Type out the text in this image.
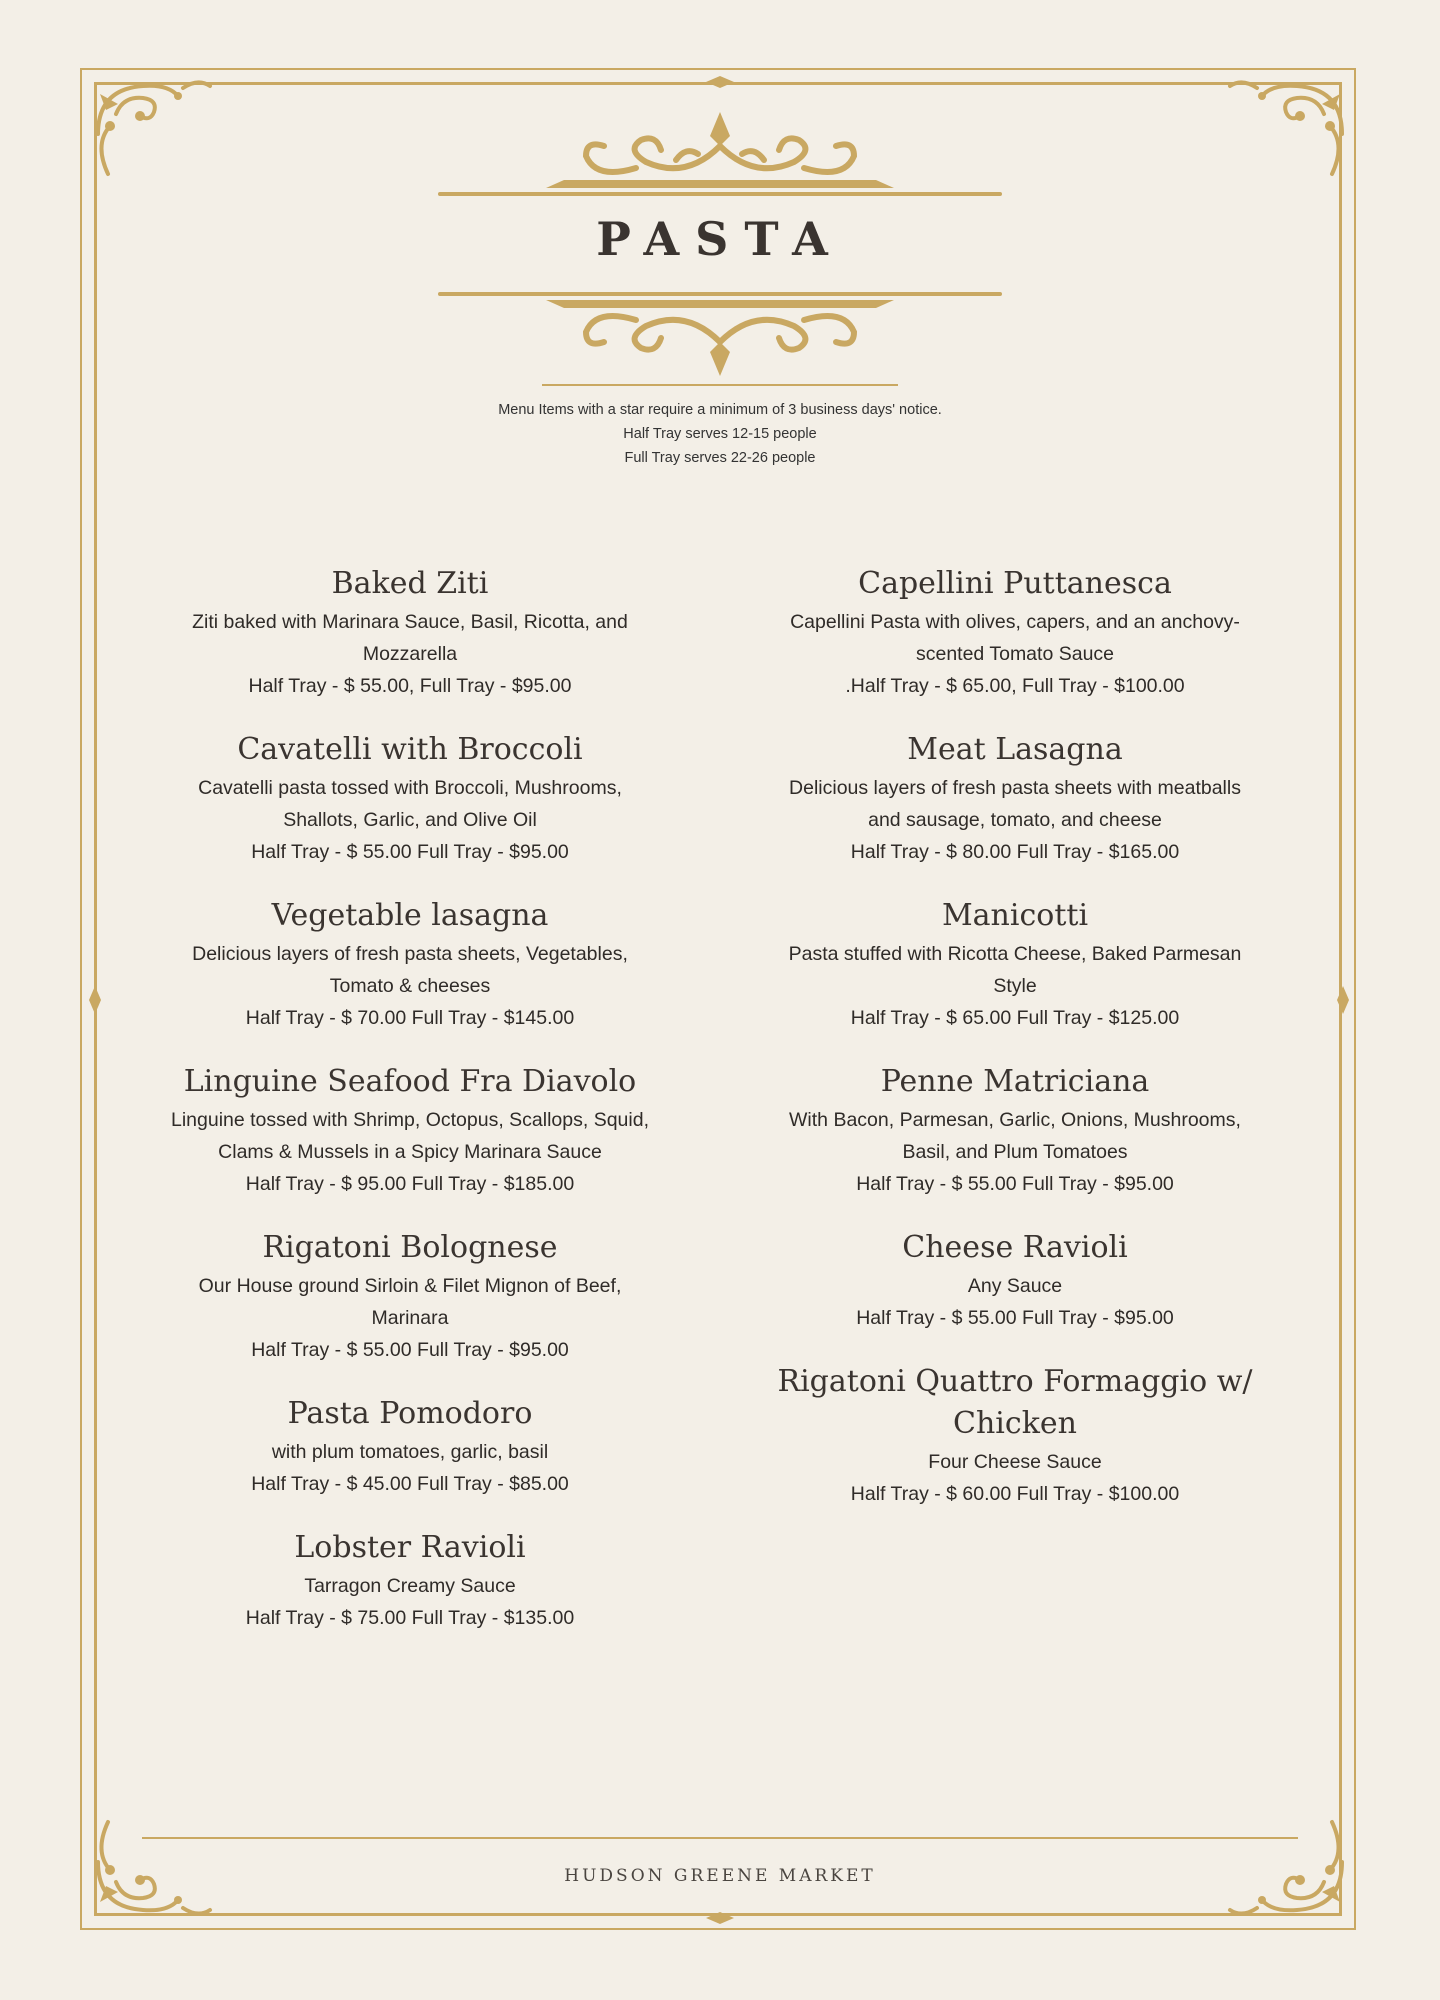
PASTA
Menu Items with a star require a minimum of 3 business days' notice.
Half Tray serves 12-15 people
Full Tray serves 22-26 people
Baked Ziti
Ziti baked with Marinara Sauce, Basil, Ricotta, and
Mozzarella
Half Tray - $ 55.00, Full Tray - $95.00
Cavatelli with Broccoli
Cavatelli pasta tossed with Broccoli, Mushrooms,
Shallots, Garlic, and Olive Oil
Half Tray - $ 55.00 Full Tray - $95.00
Vegetable lasagna
Delicious layers of fresh pasta sheets, Vegetables,
Tomato & cheeses
Half Tray - $ 70.00 Full Tray - $145.00
Linguine Seafood Fra Diavolo
Linguine tossed with Shrimp, Octopus, Scallops, Squid,
Clams & Mussels in a Spicy Marinara Sauce
Half Tray - $ 95.00 Full Tray - $185.00
Rigatoni Bolognese
Our House ground Sirloin & Filet Mignon of Beef,
Marinara
Half Tray - $ 55.00 Full Tray - $95.00
Pasta Pomodoro
with plum tomatoes, garlic, basil
Half Tray - $ 45.00 Full Tray - $85.00
Lobster Ravioli
Tarragon Creamy Sauce
Half Tray - $ 75.00 Full Tray - $135.00
Capellini Puttanesca
Capellini Pasta with olives, capers, and an anchovy-
scented Tomato Sauce
.Half Tray - $ 65.00, Full Tray - $100.00
Meat Lasagna
Delicious layers of fresh pasta sheets with meatballs
and sausage, tomato, and cheese
Half Tray - $ 80.00 Full Tray - $165.00
Manicotti
Pasta stuffed with Ricotta Cheese, Baked Parmesan
Style
Half Tray - $ 65.00 Full Tray - $125.00
Penne Matriciana
With Bacon, Parmesan, Garlic, Onions, Mushrooms,
Basil, and Plum Tomatoes
Half Tray - $ 55.00 Full Tray - $95.00
Cheese Ravioli
Any Sauce
Half Tray - $ 55.00 Full Tray - $95.00
Rigatoni Quattro Formaggio w/
Chicken
Four Cheese Sauce
Half Tray - $ 60.00 Full Tray - $100.00
HUDSON GREENE MARKET
